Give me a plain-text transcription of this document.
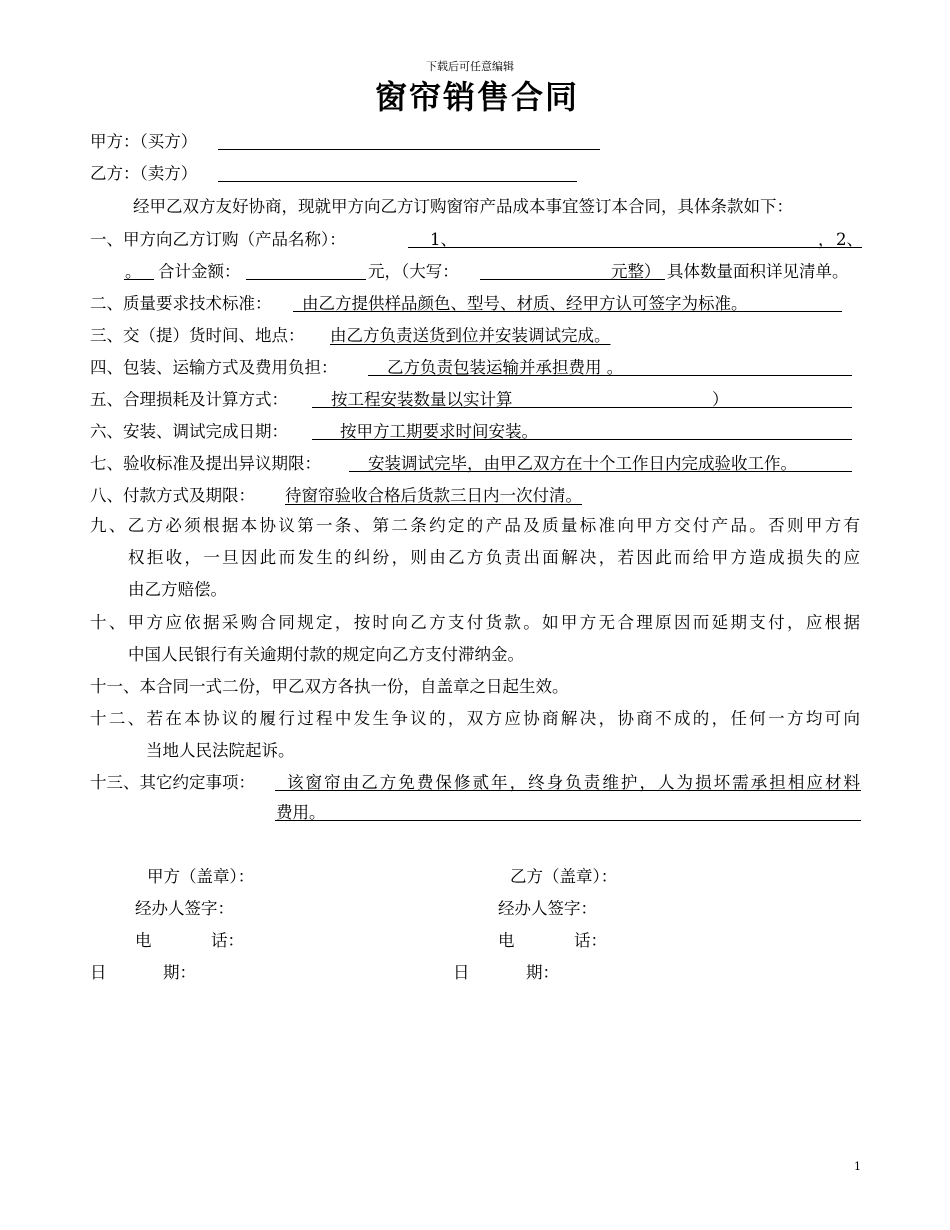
下载后可任意编辑
窗帘销售合同
甲方：（买方）
乙方：（卖方）
经甲乙双方友好协商，现就甲方向乙方订购窗帘产品成本事宜签订本合同，具体条款如下：
一、甲方向乙方订购（产品名称）：	1、	， 2、
。 合计金额：	元，（大写：	元整） 具体数量面积详见清单。
二、质量要求技术标准： 由乙方提供样品颜色、型号、材质、经甲方认可签字为标准。
三、交（提）货时间、地点： 由乙方负责送货到位并安装调试完成。
四、包装、运输方式及费用负担：	乙方负责包装运输并承担费用 。
五、合理损耗及计算方式：	按工程安装数量以实计算	）
六、安装、调试完成日期：	按甲方工期要求时间安装。
七、验收标准及提出异议期限：	安装调试完毕，由甲乙双方在十个工作日内完成验收工作。
八、付款方式及期限： 待窗帘验收合格后货款三日内一次付清。
九、乙方必须根据本协议第一条、第二条约定的产品及质量标准向甲方交付产品。否则甲方有
权拒收，一旦因此而发生的纠纷，则由乙方负责出面解决，若因此而给甲方造成损失的应
由乙方赔偿。
十、甲方应依据采购合同规定，按时向乙方支付货款。如甲方无合理原因而延期支付，应根据
中国人民银行有关逾期付款的规定向乙方支付滞纳金。
十一、本合同一式二份，甲乙双方各执一份，自盖章之日起生效。
十二、若在本协议的履行过程中发生争议的，双方应协商解决，协商不成的，任何一方均可向
当地人民法院起诉。
十三、其它约定事项： 该窗帘由乙方免费保修贰年，终身负责维护，人为损坏需承担相应材料
费用。
甲方（盖章）：	乙方（盖章）：
经办人签字：	经办人签字：
电	话：	电	话：
日	期：	日	期：
1
